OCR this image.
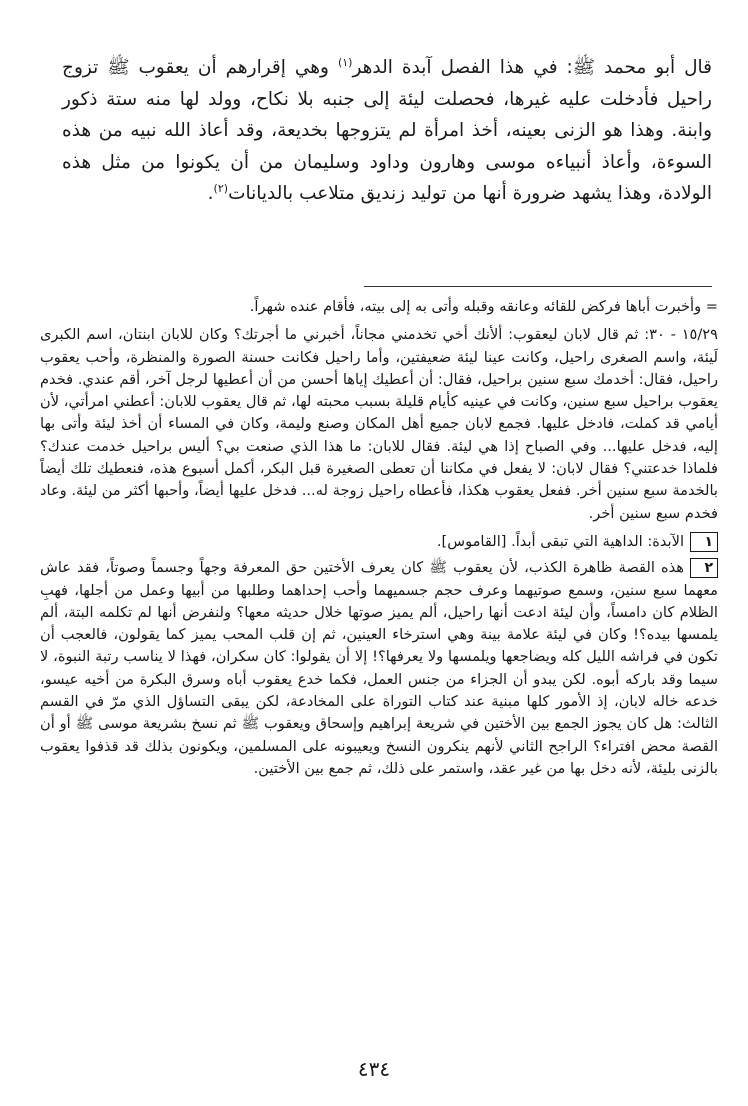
قال أبو محمد ﷺ: في هذا الفصل آبدة الدهر$^{(١)}$ وهي إقرارهم أن يعقوب ﷺ تزوج راحيل فأدخلت عليه غيرها، فحصلت ليئة إلى جنبه بلا نكاح، وولد لها منه ستة ذكور وابنة. وهذا هو الزنى بعينه، أخذ امرأة لم يتزوجها بخديعة، وقد أعاذ الله نبيه من هذه السوءة، وأعاذ أنبياءه موسى وهارون وداود وسليمان من أن يكونوا من مثل هذه الولادة، وهذا يشهد ضرورة أنها من توليد زنديق متلاعب بالديانات$^{(٢)}$.

= وأخبرت أباها فركض للقائه وعانقه وقبله وأتى به إلى بيته، فأقام عنده شهراً.

١٥/٢٩ - ٣٠: ثم قال لابان ليعقوب: ألأنك أخي تخدمني مجاناً، أخبرني ما أجرتك؟ وكان للابان ابنتان، اسم الكبرى لَيئة، واسم الصغرى راحيل، وكانت عينا ليئة ضعيفتين، وأما راحيل فكانت حسنة الصورة والمنظرة، وأحب يعقوب راحيل، فقال: أخدمك سبع سنين براحيل، فقال: أن أعطيك إياها أحسن من أن أعطيها لرجل آخر، أقم عندي. فخدم يعقوب براحيل سبع سنين، وكانت في عينيه كأيام قليلة بسبب محبته لها، ثم قال يعقوب للابان: أعطني امرأتي، لأن أيامي قد كملت، فادخل عليها. فجمع لابان جميع أهل المكان وصنع وليمة، وكان في المساء أن أخذ ليئة وأتى بها إليه، فدخل عليها... وفي الصباح إذا هي ليئة. فقال للابان: ما هذا الذي صنعت بي؟ أليس براحيل خدمت عندك؟ فلماذا خدعتني؟ فقال لابان: لا يفعل في مكاننا أن تعطى الصغيرة قبل البكر، أكمل أسبوع هذه، فنعطيك تلك أيضاً بالخدمة سبع سنين أخر. ففعل يعقوب هكذا، فأعطاه راحيل زوجة له... فدخل عليها أيضاً، وأحبها أكثر من ليئة. وعاد فخدم سبع سنين أخر.

١الآبدة: الداهية التي تبقى أبداً. [القاموس].

٢هذه القصة ظاهرة الكذب، لأن يعقوب ﷺ كان يعرف الأختين حق المعرفة وجهاً وجسماً وصوتاً، فقد عاش معهما سبع سنين، وسمع صوتيهما وعرف حجم جسميهما وأحب إحداهما وطلبها من أبيها وعمل من أجلها، فهبِ الظلام كان دامساً، وأن ليئة ادعت أنها راحيل، ألم يميز صوتها خلال حديثه معها؟ ولنفرض أنها لم تكلمه البتة، ألم يلمسها بيده؟! وكان في ليئة علامة بينة وهي استرخاء العينين، ثم إن قلب المحب يميز كما يقولون، فالعجب أن تكون في فراشه الليل كله ويضاجعها ويلمسها ولا يعرفها؟! إلا أن يقولوا: كان سكران، فهذا لا يناسب رتبة النبوة، لا سيما وقد باركه أبوه. لكن يبدو أن الجزاء من جنس العمل، فكما خدع يعقوب أباه وسرق البكرة من أخيه عيسو، خدعه خاله لابان، إذ الأمور كلها مبنية عند كتاب التوراة على المخادعة، لكن يبقى التساؤل الذي مرّ في القسم الثالث: هل كان يجوز الجمع بين الأختين في شريعة إبراهيم وإسحاق ويعقوب ﷺ ثم نسخ بشريعة موسى ﷺ أو أن القصة محض افتراء؟ الراجح الثاني لأنهم ينكرون النسخ ويعيبونه على المسلمين، ويكونون بذلك قد قذفوا يعقوب بالزنى بليئة، لأنه دخل بها من غير عقد، واستمر على ذلك، ثم جمع بين الأختين.

٤٣٤
